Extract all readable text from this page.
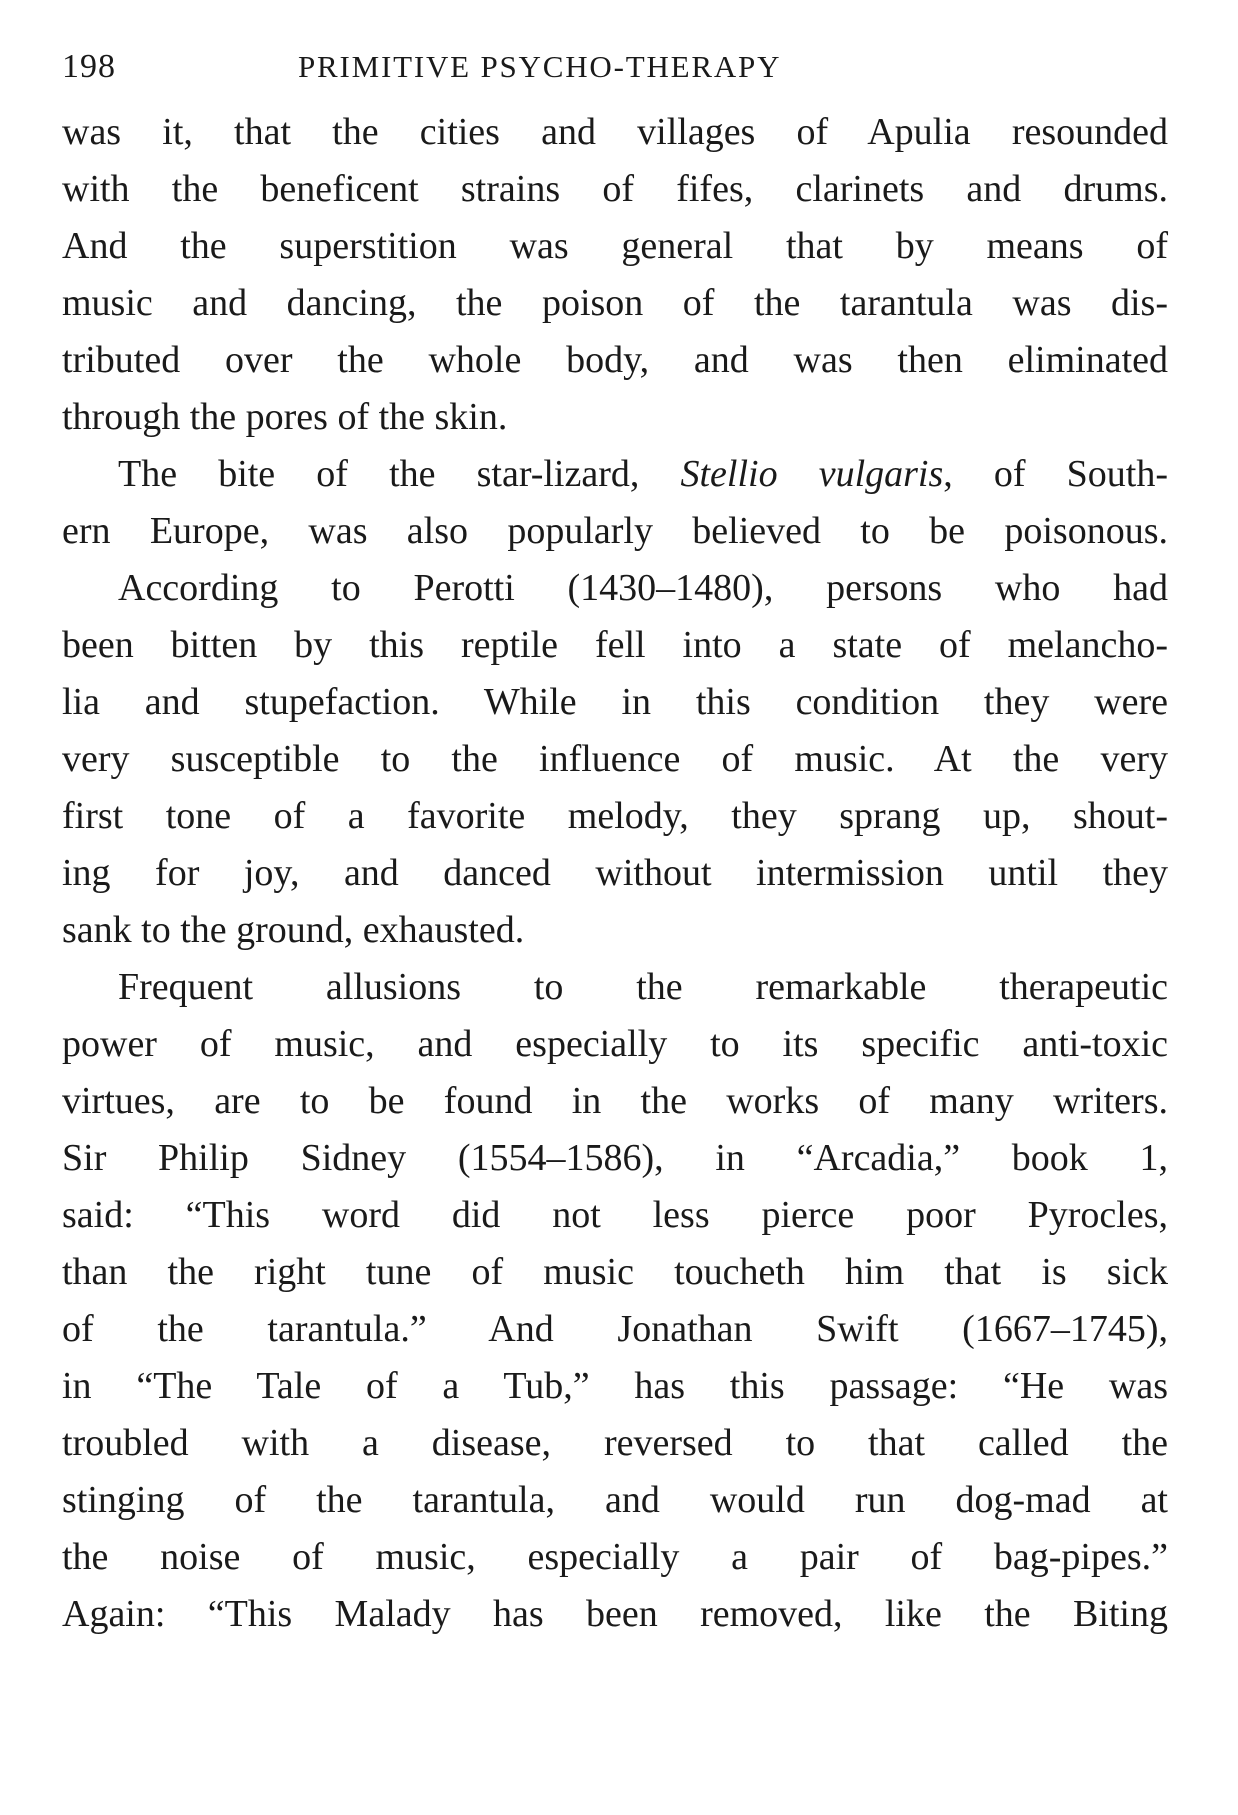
198	PRIMITIVE PSYCHO-THERAPY
was it, that the cities and villages of Apulia resounded
with the beneficent strains of fifes, clarinets and drums.
And the superstition was general that by means of
music and dancing, the poison of the tarantula was dis-
tributed over the whole body, and was then eliminated
through the pores of the skin.
The bite of the star-lizard, Stellio vulgaris, of South-
ern Europe, was also popularly believed to be poisonous.
According to Perotti (1430–1480), persons who had
been bitten by this reptile fell into a state of melancho-
lia and stupefaction. While in this condition they were
very susceptible to the influence of music. At the very
first tone of a favorite melody, they sprang up, shout-
ing for joy, and danced without intermission until they
sank to the ground, exhausted.
Frequent allusions to the remarkable therapeutic
power of music, and especially to its specific anti-toxic
virtues, are to be found in the works of many writers.
Sir Philip Sidney (1554–1586), in “Arcadia,” book 1,
said: “This word did not less pierce poor Pyrocles,
than the right tune of music toucheth him that is sick
of the tarantula.” And Jonathan Swift (1667–1745),
in “The Tale of a Tub,” has this passage: “He was
troubled with a disease, reversed to that called the
stinging of the tarantula, and would run dog-mad at
the noise of music, especially a pair of bag-pipes.”
Again: “This Malady has been removed, like the Biting
